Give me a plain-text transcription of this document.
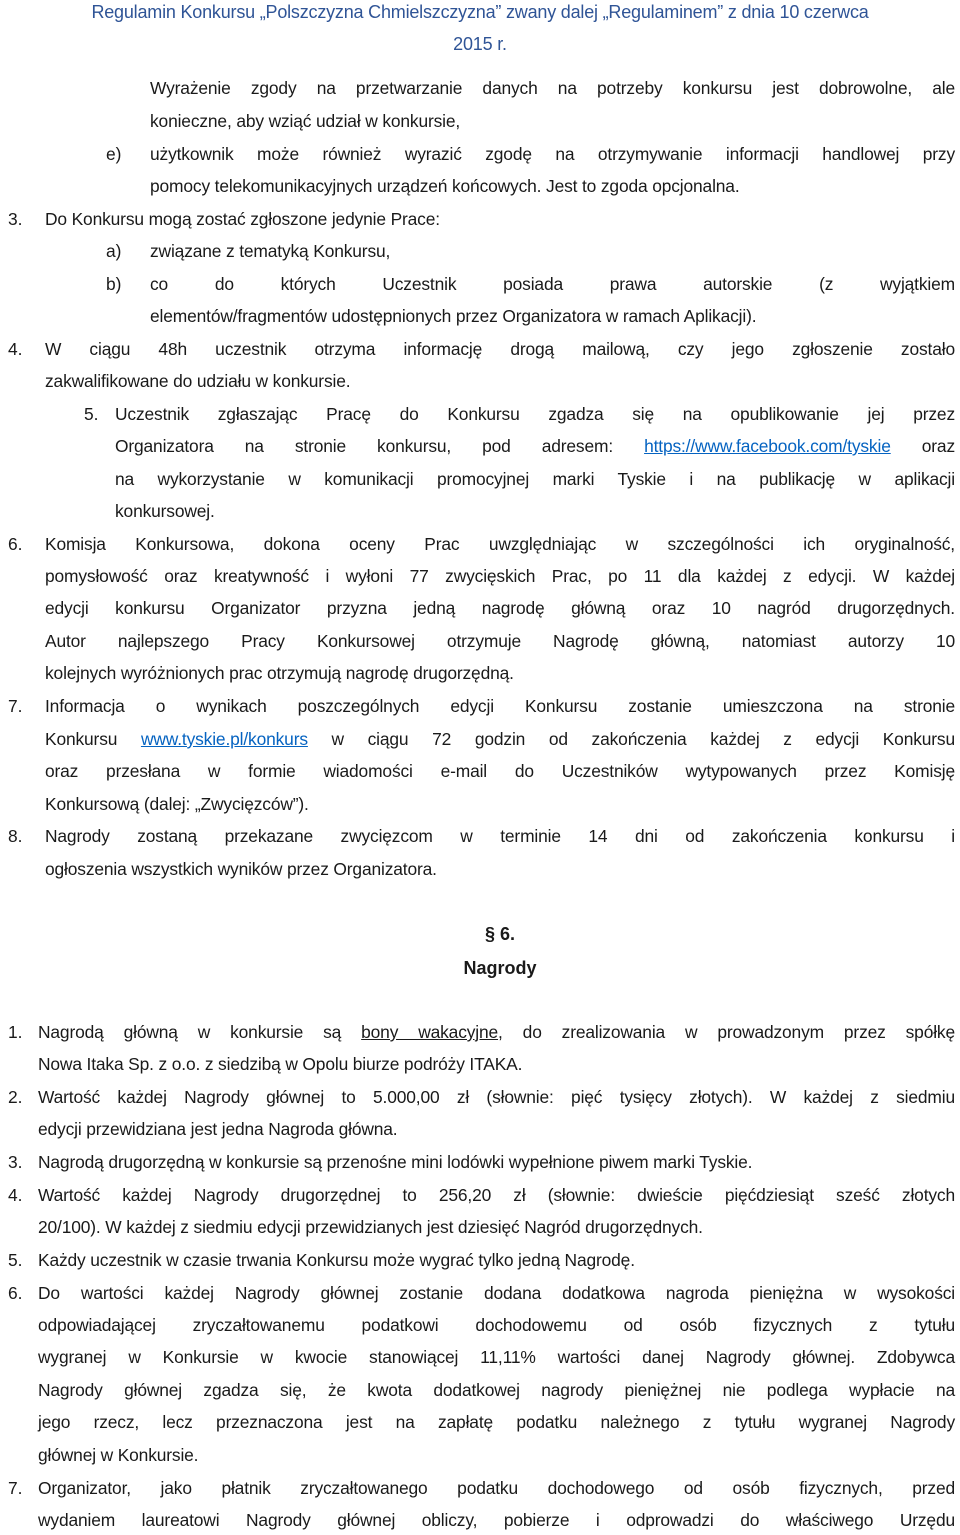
Regulamin Konkursu „Polszczyzna Chmielszczyzna” zwany dalej „Regulaminem” z dnia 10 czerwca
2015 r.
Wyrażenie zgody na przetwarzanie danych na potrzeby konkursu jest dobrowolne, ale
konieczne, aby wziąć udział w konkursie,
e) użytkownik może również wyrazić zgodę na otrzymywanie informacji handlowej przy
pomocy telekomunikacyjnych urządzeń końcowych. Jest to zgoda opcjonalna.
3. Do Konkursu mogą zostać zgłoszone jedynie Prace:
a) związane z tematyką Konkursu,
b) co do których Uczestnik posiada prawa autorskie (z wyjątkiem
elementów/fragmentów udostępnionych przez Organizatora w ramach Aplikacji).
4. W ciągu 48h uczestnik otrzyma informację drogą mailową, czy jego zgłoszenie zostało
zakwalifikowane do udziału w konkursie.
5. Uczestnik zgłaszając Pracę do Konkursu zgadza się na opublikowanie jej przez
Organizatora na stronie konkursu, pod adresem: https://www.facebook.com/tyskie oraz
na wykorzystanie w komunikacji promocyjnej marki Tyskie i na publikację w aplikacji
konkursowej.
6. Komisja Konkursowa, dokona oceny Prac uwzględniając w szczególności ich oryginalność,
pomysłowość oraz kreatywność i wyłoni 77 zwycięskich Prac, po 11 dla każdej z edycji. W każdej
edycji konkursu Organizator przyzna jedną nagrodę główną oraz 10 nagród drugorzędnych.
Autor najlepszego Pracy Konkursowej otrzymuje Nagrodę główną, natomiast autorzy 10
kolejnych wyróżnionych prac otrzymują nagrodę drugorzędną.
7. Informacja o wynikach poszczególnych edycji Konkursu zostanie umieszczona na stronie
Konkursu www.tyskie.pl/konkurs w ciągu 72 godzin od zakończenia każdej z edycji Konkursu
oraz przesłana w formie wiadomości e-mail do Uczestników wytypowanych przez Komisję
Konkursową (dalej: „Zwycięzców”).
8. Nagrody zostaną przekazane zwycięzcom w terminie 14 dni od zakończenia konkursu i
ogłoszenia wszystkich wyników przez Organizatora.
§ 6.
Nagrody
1. Nagrodą główną w konkursie są bony wakacyjne, do zrealizowania w prowadzonym przez spółkę
Nowa Itaka Sp. z o.o. z siedzibą w Opolu biurze podróży ITAKA.
2. Wartość każdej Nagrody głównej to 5.000,00 zł (słownie: pięć tysięcy złotych). W każdej z siedmiu
edycji przewidziana jest jedna Nagroda główna.
3. Nagrodą drugorzędną w konkursie są przenośne mini lodówki wypełnione piwem marki Tyskie.
4. Wartość każdej Nagrody drugorzędnej to 256,20 zł (słownie: dwieście pięćdziesiąt sześć złotych
20/100). W każdej z siedmiu edycji przewidzianych jest dziesięć Nagród drugorzędnych.
5. Każdy uczestnik w czasie trwania Konkursu może wygrać tylko jedną Nagrodę.
6. Do wartości każdej Nagrody głównej zostanie dodana dodatkowa nagroda pieniężna w wysokości
odpowiadającej zryczałtowanemu podatkowi dochodowemu od osób fizycznych z tytułu
wygranej w Konkursie w kwocie stanowiącej 11,11% wartości danej Nagrody głównej. Zdobywca
Nagrody głównej zgadza się, że kwota dodatkowej nagrody pieniężnej nie podlega wypłacie na
jego rzecz, lecz przeznaczona jest na zapłatę podatku należnego z tytułu wygranej Nagrody
głównej w Konkursie.
7. Organizator, jako płatnik zryczałtowanego podatku dochodowego od osób fizycznych, przed
wydaniem laureatowi Nagrody głównej obliczy, pobierze i odprowadzi do właściwego Urzędu
